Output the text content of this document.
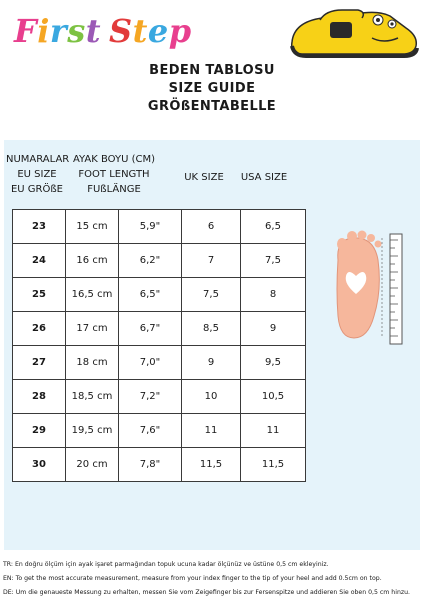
First Step
BEDEN TABLOSU
SIZE GUIDE
GRÖßENTABELLE
NUMARALAR
EU SIZE
EU GRÖßE
AYAK BOYU (CM)
FOOT LENGTH
FUßLÄNGE
UK SIZE	USA SIZE
23	15 cm	5,9"	6	6,5
24	16 cm	6,2"	7	7,5
25	16,5 cm	6,5"	7,5	8
26	17 cm	6,7"	8,5	9
27	18 cm	7,0"	9	9,5
28	18,5 cm	7,2"	10	10,5
29	19,5 cm	7,6"	11	11
30	20 cm	7,8"	11,5	11,5
TR: En doğru ölçüm için ayak işaret parmağından topuk ucuna kadar ölçünüz ve üstüne 0,5 cm ekleyiniz.
EN: To get the most accurate measurement, measure from your index finger to the tip of your heel and add 0.5cm on top.
DE: Um die genaueste Messung zu erhalten, messen Sie vom Zeigefinger bis zur Fersenspitze und addieren Sie oben 0,5 cm hinzu.
